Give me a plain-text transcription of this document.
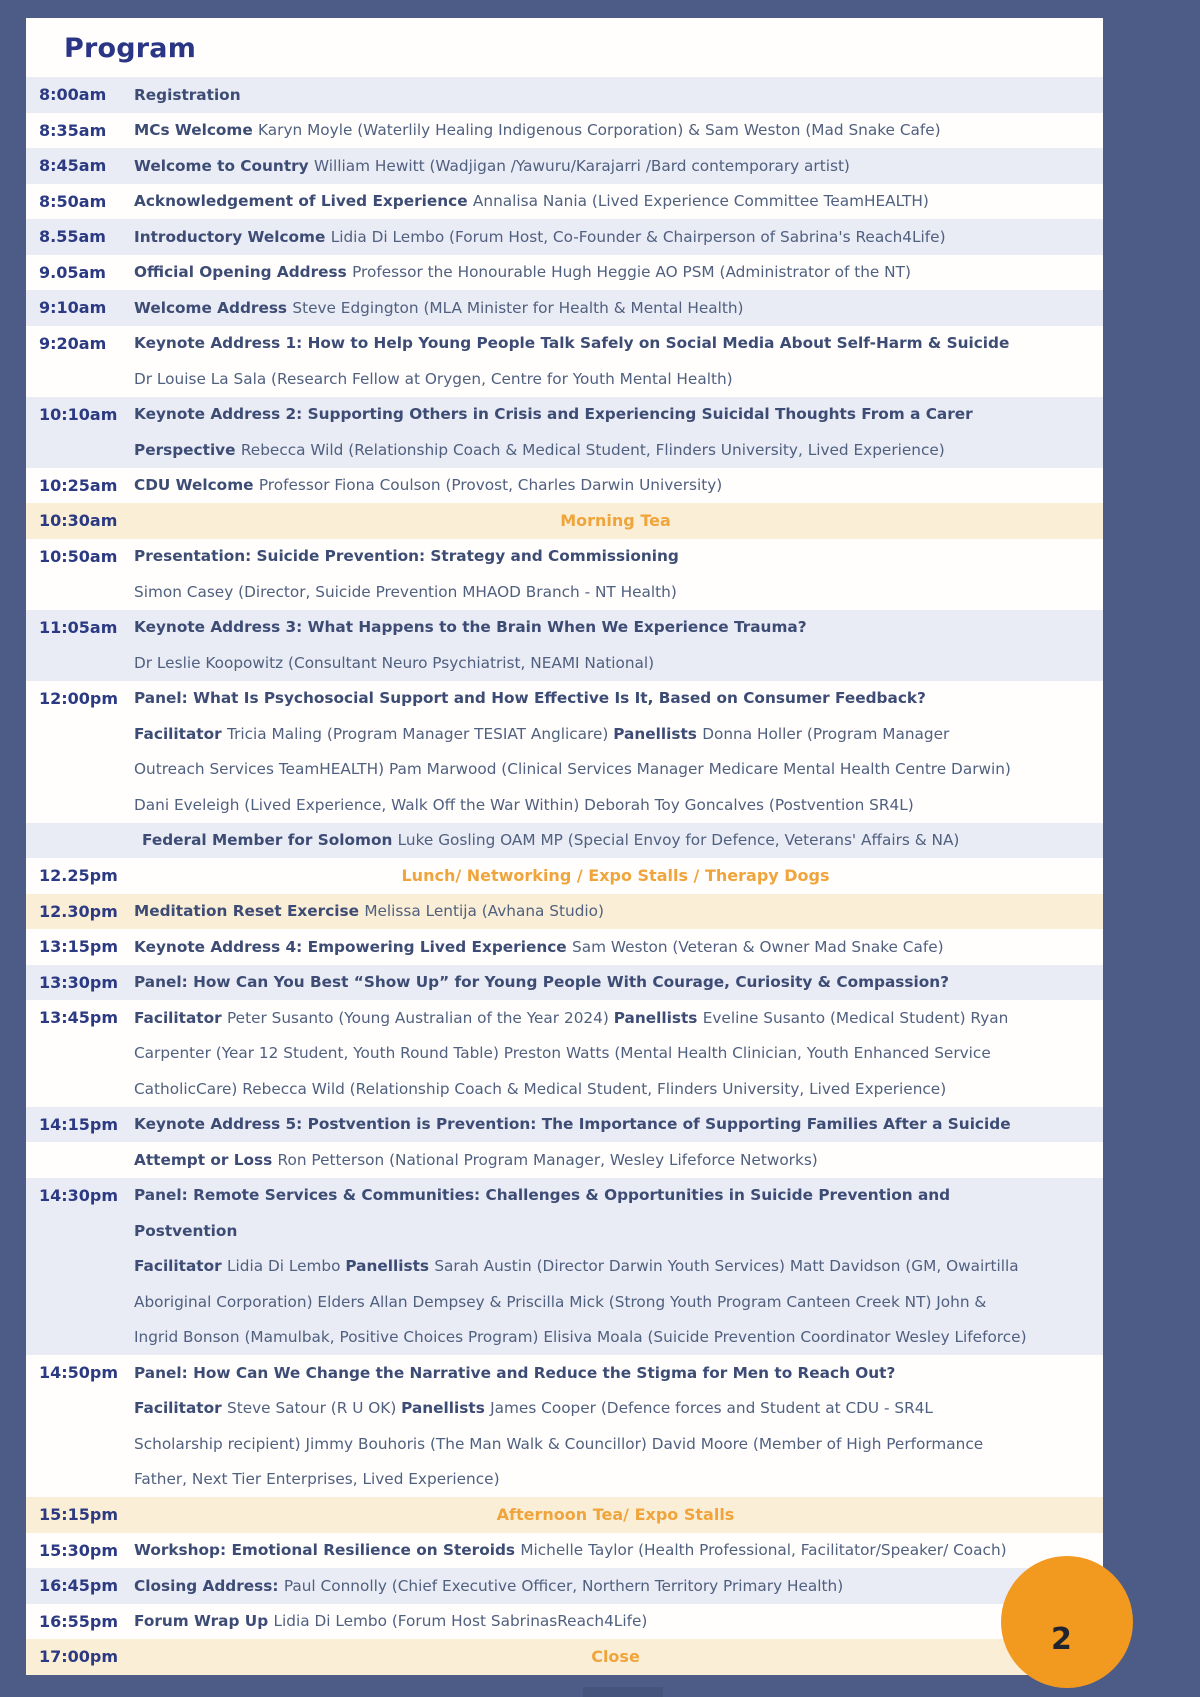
Program
8:00am	Registration
8:35am	MCs Welcome Karyn Moyle (Waterlily Healing Indigenous Corporation) & Sam Weston (Mad Snake Cafe)
8:45am	Welcome to Country William Hewitt (Wadjigan /Yawuru/Karajarri /Bard contemporary artist)
8:50am	Acknowledgement of Lived Experience Annalisa Nania (Lived Experience Committee TeamHEALTH)
8.55am	Introductory Welcome Lidia Di Lembo (Forum Host, Co-Founder & Chairperson of Sabrina's Reach4Life)
9.05am	Official Opening Address Professor the Honourable Hugh Heggie AO PSM (Administrator of the NT)
9:10am	Welcome Address Steve Edgington (MLA Minister for Health & Mental Health)
9:20am	Keynote Address 1: How to Help Young People Talk Safely on Social Media About Self-Harm & Suicide
Dr Louise La Sala (Research Fellow at Orygen, Centre for Youth Mental Health)
10:10am	Keynote Address 2: Supporting Others in Crisis and Experiencing Suicidal Thoughts From a Carer
Perspective Rebecca Wild (Relationship Coach & Medical Student, Flinders University, Lived Experience)
10:25am	CDU Welcome Professor Fiona Coulson (Provost, Charles Darwin University)
10:30am	Morning Tea
10:50am	Presentation: Suicide Prevention: Strategy and Commissioning
Simon Casey (Director, Suicide Prevention MHAOD Branch - NT Health)
11:05am	Keynote Address 3: What Happens to the Brain When We Experience Trauma?
Dr Leslie Koopowitz (Consultant Neuro Psychiatrist, NEAMI National)
12:00pm	Panel: What Is Psychosocial Support and How Effective Is It, Based on Consumer Feedback?
Facilitator Tricia Maling (Program Manager TESIAT Anglicare) Panellists Donna Holler (Program Manager
Outreach Services TeamHEALTH) Pam Marwood (Clinical Services Manager Medicare Mental Health Centre Darwin)
Dani Eveleigh (Lived Experience, Walk Off the War Within) Deborah Toy Goncalves (Postvention SR4L)
Federal Member for Solomon Luke Gosling OAM MP (Special Envoy for Defence, Veterans' Affairs & NA)
12.25pm	Lunch/ Networking / Expo Stalls / Therapy Dogs
12.30pm	Meditation Reset Exercise Melissa Lentija (Avhana Studio)
13:15pm	Keynote Address 4: Empowering Lived Experience Sam Weston (Veteran & Owner Mad Snake Cafe)
13:30pm	Panel: How Can You Best “Show Up” for Young People With Courage, Curiosity & Compassion?
13:45pm	Facilitator Peter Susanto (Young Australian of the Year 2024) Panellists Eveline Susanto (Medical Student) Ryan
Carpenter (Year 12 Student, Youth Round Table) Preston Watts (Mental Health Clinician, Youth Enhanced Service
CatholicCare) Rebecca Wild (Relationship Coach & Medical Student, Flinders University, Lived Experience)
14:15pm	Keynote Address 5: Postvention is Prevention: The Importance of Supporting Families After a Suicide
Attempt or Loss Ron Petterson (National Program Manager, Wesley Lifeforce Networks)
14:30pm	Panel: Remote Services & Communities: Challenges & Opportunities in Suicide Prevention and
Postvention
Facilitator Lidia Di Lembo Panellists Sarah Austin (Director Darwin Youth Services) Matt Davidson (GM, Owairtilla
Aboriginal Corporation) Elders Allan Dempsey & Priscilla Mick (Strong Youth Program Canteen Creek NT) John &
Ingrid Bonson (Mamulbak, Positive Choices Program) Elisiva Moala (Suicide Prevention Coordinator Wesley Lifeforce)
14:50pm	Panel: How Can We Change the Narrative and Reduce the Stigma for Men to Reach Out?
Facilitator Steve Satour (R U OK) Panellists James Cooper (Defence forces and Student at CDU - SR4L
Scholarship recipient) Jimmy Bouhoris (The Man Walk & Councillor) David Moore (Member of High Performance
Father, Next Tier Enterprises, Lived Experience)
15:15pm	Afternoon Tea/ Expo Stalls
15:30pm	Workshop: Emotional Resilience on Steroids Michelle Taylor (Health Professional, Facilitator/Speaker/ Coach)
16:45pm	Closing Address: Paul Connolly (Chief Executive Officer, Northern Territory Primary Health)
16:55pm	Forum Wrap Up Lidia Di Lembo (Forum Host SabrinasReach4Life)
17:00pm	Close	2
